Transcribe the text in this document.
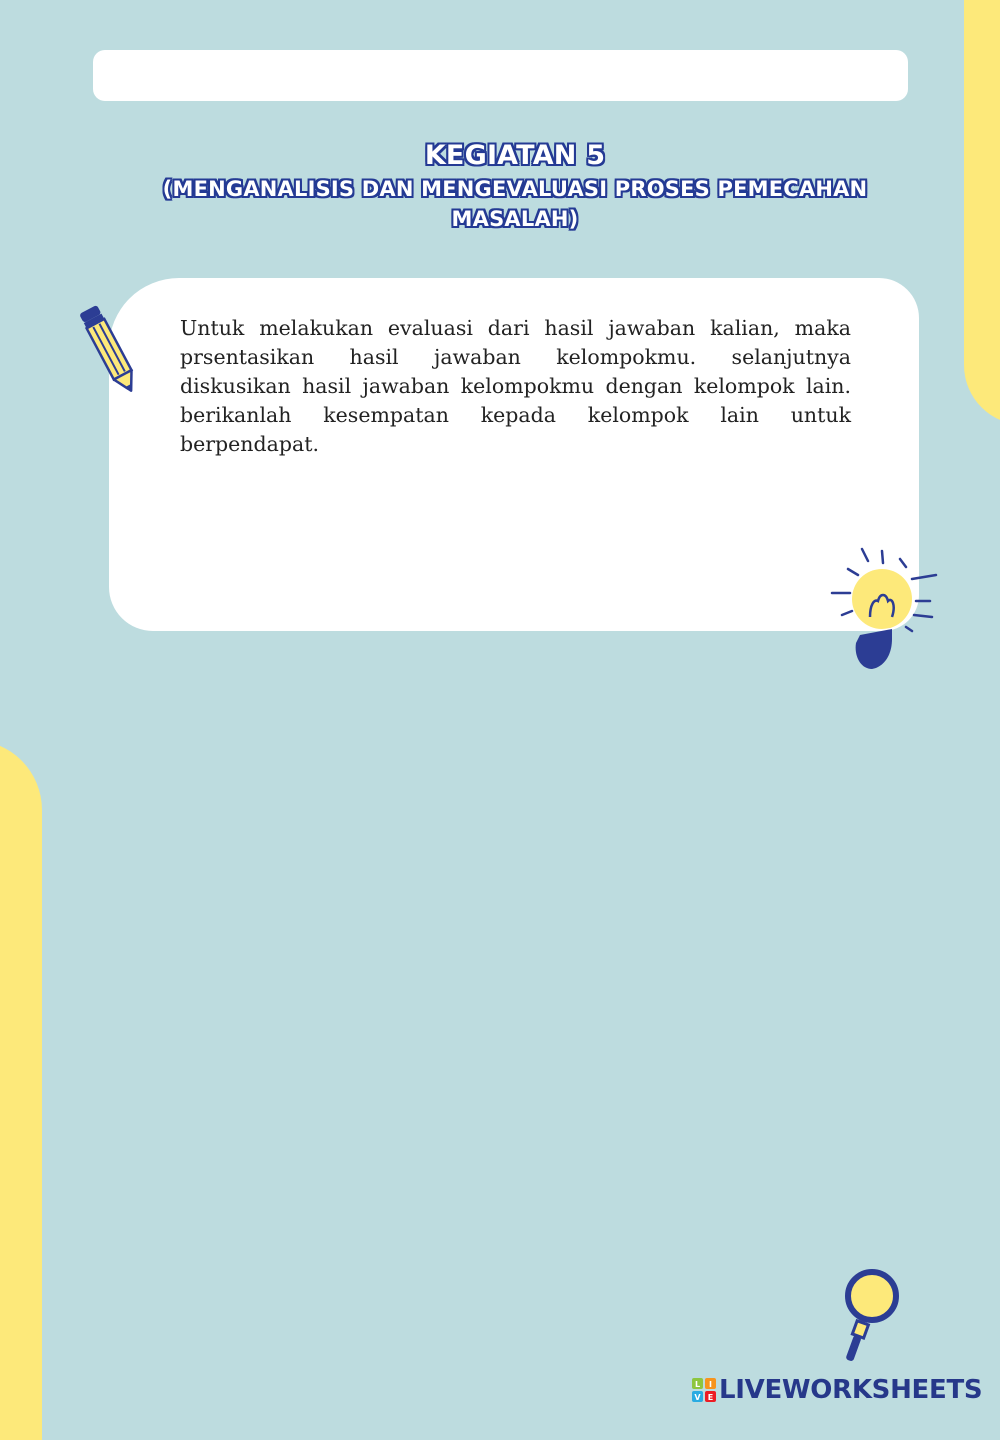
KEGIATAN 5
(MENGANALISIS DAN MENGEVALUASI PROSES PEMECAHAN MASALAH)

Untuk melakukan evaluasi dari hasil jawaban kalian, maka prsentasikan hasil jawaban kelompokmu. selanjutnya diskusikan hasil jawaban kelompokmu dengan kelompok lain. berikanlah kesempatan kepada kelompok lain untuk berpendapat.

L I
V E LIVEWORKSHEETS
